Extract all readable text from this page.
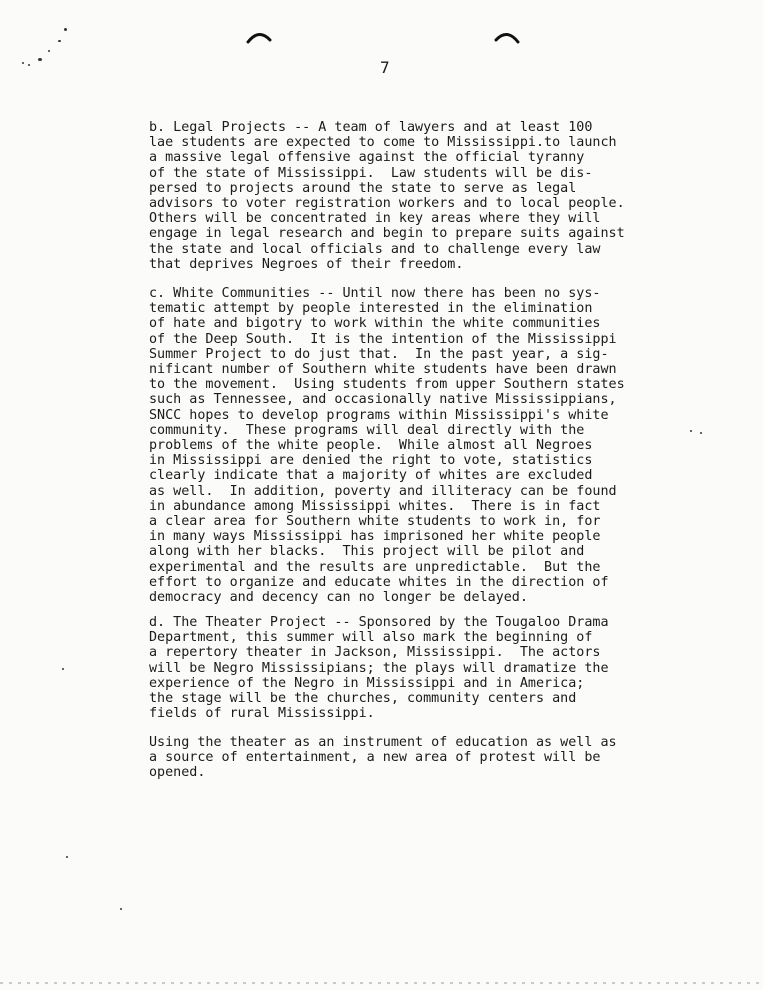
7
b. Legal Projects -- A team of lawyers and at least 100
lae students are expected to come to Mississippi.to launch
a massive legal offensive against the official tyranny
of the state of Mississippi.  Law students will be dis-
persed to projects around the state to serve as legal
advisors to voter registration workers and to local people.
Others will be concentrated in key areas where they will
engage in legal research and begin to prepare suits against
the state and local officials and to challenge every law
that deprives Negroes of their freedom.
c. White Communities -- Until now there has been no sys-
tematic attempt by people interested in the elimination
of hate and bigotry to work within the white communities
of the Deep South.  It is the intention of the Mississippi
Summer Project to do just that.  In the past year, a sig-
nificant number of Southern white students have been drawn
to the movement.  Using students from upper Southern states
such as Tennessee, and occasionally native Mississippians,
SNCC hopes to develop programs within Mississippi's white
community.  These programs will deal directly with the
problems of the white people.  While almost all Negroes
in Mississippi are denied the right to vote, statistics
clearly indicate that a majority of whites are excluded
as well.  In addition, poverty and illiteracy can be found
in abundance among Mississippi whites.  There is in fact
a clear area for Southern white students to work in, for
in many ways Mississippi has imprisoned her white people
along with her blacks.  This project will be pilot and
experimental and the results are unpredictable.  But the
effort to organize and educate whites in the direction of
democracy and decency can no longer be delayed.
d. The Theater Project -- Sponsored by the Tougaloo Drama
Department, this summer will also mark the beginning of
a repertory theater in Jackson, Mississippi.  The actors
will be Negro Mississipians; the plays will dramatize the
experience of the Negro in Mississippi and in America;
the stage will be the churches, community centers and
fields of rural Mississippi.
Using the theater as an instrument of education as well as
a source of entertainment, a new area of protest will be
opened.
